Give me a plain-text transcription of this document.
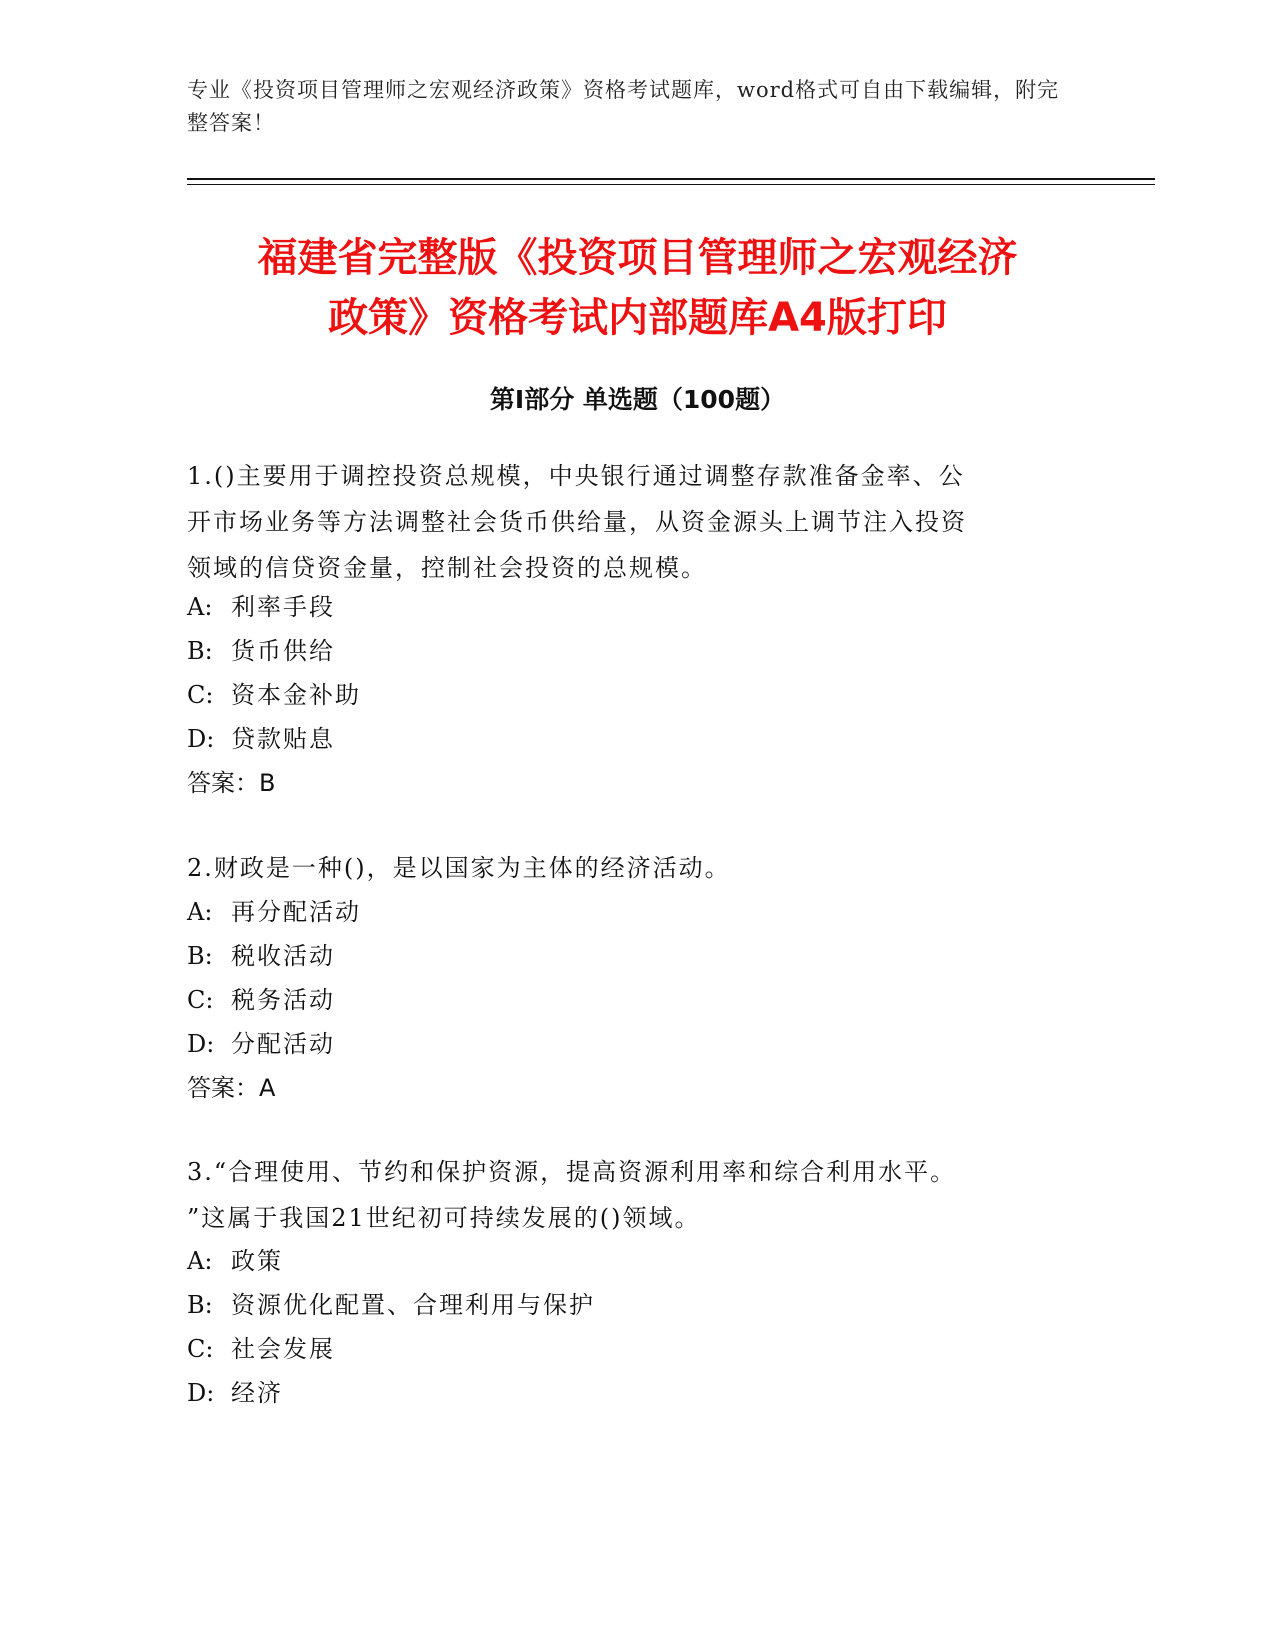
专业《投资项目管理师之宏观经济政策》资格考试题库，word格式可自由下载编辑，附完整答案！
福建省完整版《投资项目管理师之宏观经济
政策》资格考试内部题库A4版打印
第I部分 单选题（100题）
1.()主要用于调控投资总规模，中央银行通过调整存款准备金率、公
开市场业务等方法调整社会货币供给量，从资金源头上调节注入投资
领域的信贷资金量，控制社会投资的总规模。
A: 利率手段
B: 货币供给
C: 资本金补助
D: 贷款贴息
答案：B
2.财政是一种()，是以国家为主体的经济活动。
A: 再分配活动
B: 税收活动
C: 税务活动
D: 分配活动
答案：A
3.“合理使用、节约和保护资源，提高资源利用率和综合利用水平。
”这属于我国21世纪初可持续发展的()领域。
A: 政策
B: 资源优化配置、合理利用与保护
C: 社会发展
D: 经济
